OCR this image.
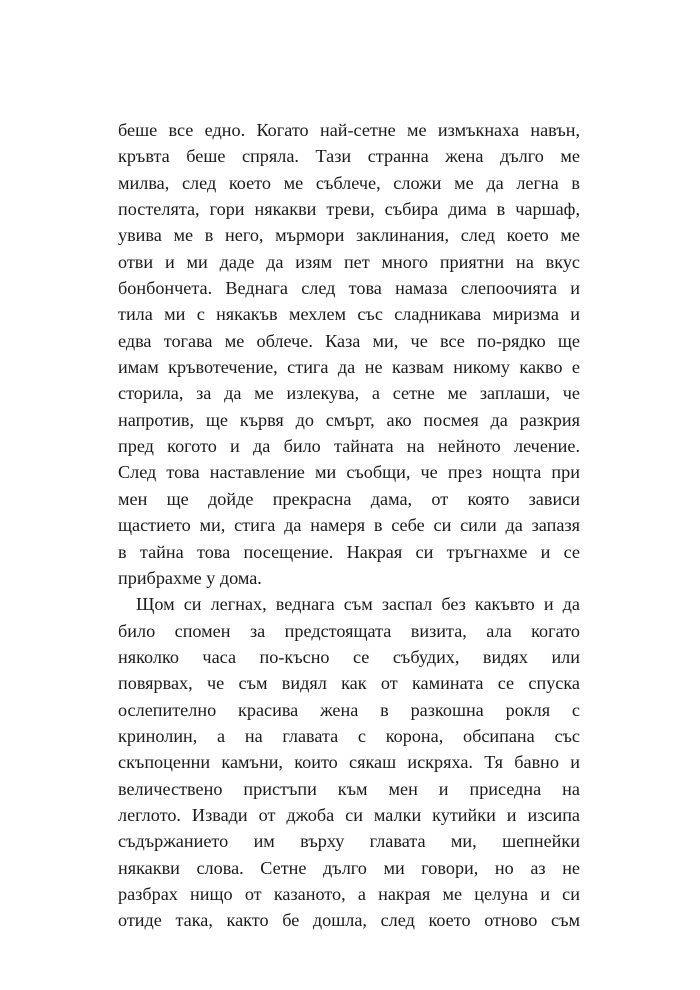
беше все едно. Когато най-сетне ме измъкнаха навън,
кръвта беше спряла. Тази странна жена дълго ме
милва, след което ме съблече, сложи ме да легна в
постелята, гори някакви треви, събира дима в чаршаф,
увива ме в него, мърмори заклинания, след което ме
отви и ми даде да изям пет много приятни на вкус
бонбончета. Веднага след това намаза слепоочията и
тила ми с някакъв мехлем със сладникава миризма и
едва тогава ме облече. Каза ми, че все по-рядко ще
имам кръвотечение, стига да не казвам никому какво е
сторила, за да ме излекува, а сетне ме заплаши, че
напротив, ще кървя до смърт, ако посмея да разкрия
пред когото и да било тайната на нейното лечение.
След това наставление ми съобщи, че през нощта при
мен ще дойде прекрасна дама, от която зависи
щастието ми, стига да намеря в себе си сили да запазя
в тайна това посещение. Накрая си тръгнахме и се
прибрахме у дома.
Щом си легнах, веднага съм заспал без какъвто и да
било спомен за предстоящата визита, ала когато
няколко часа по-късно се събудих, видях или
повярвах, че съм видял как от камината се спуска
ослепително красива жена в разкошна рокля с
кринолин, а на главата с корона, обсипана със
скъпоценни камъни, които сякаш искряха. Тя бавно и
величествено пристъпи към мен и приседна на
леглото. Извади от джоба си малки кутийки и изсипа
съдържанието им върху главата ми, шепнейки
някакви слова. Сетне дълго ми говори, но аз не
разбрах нищо от казаното, а накрая ме целуна и си
отиде така, както бе дошла, след което отново съм
